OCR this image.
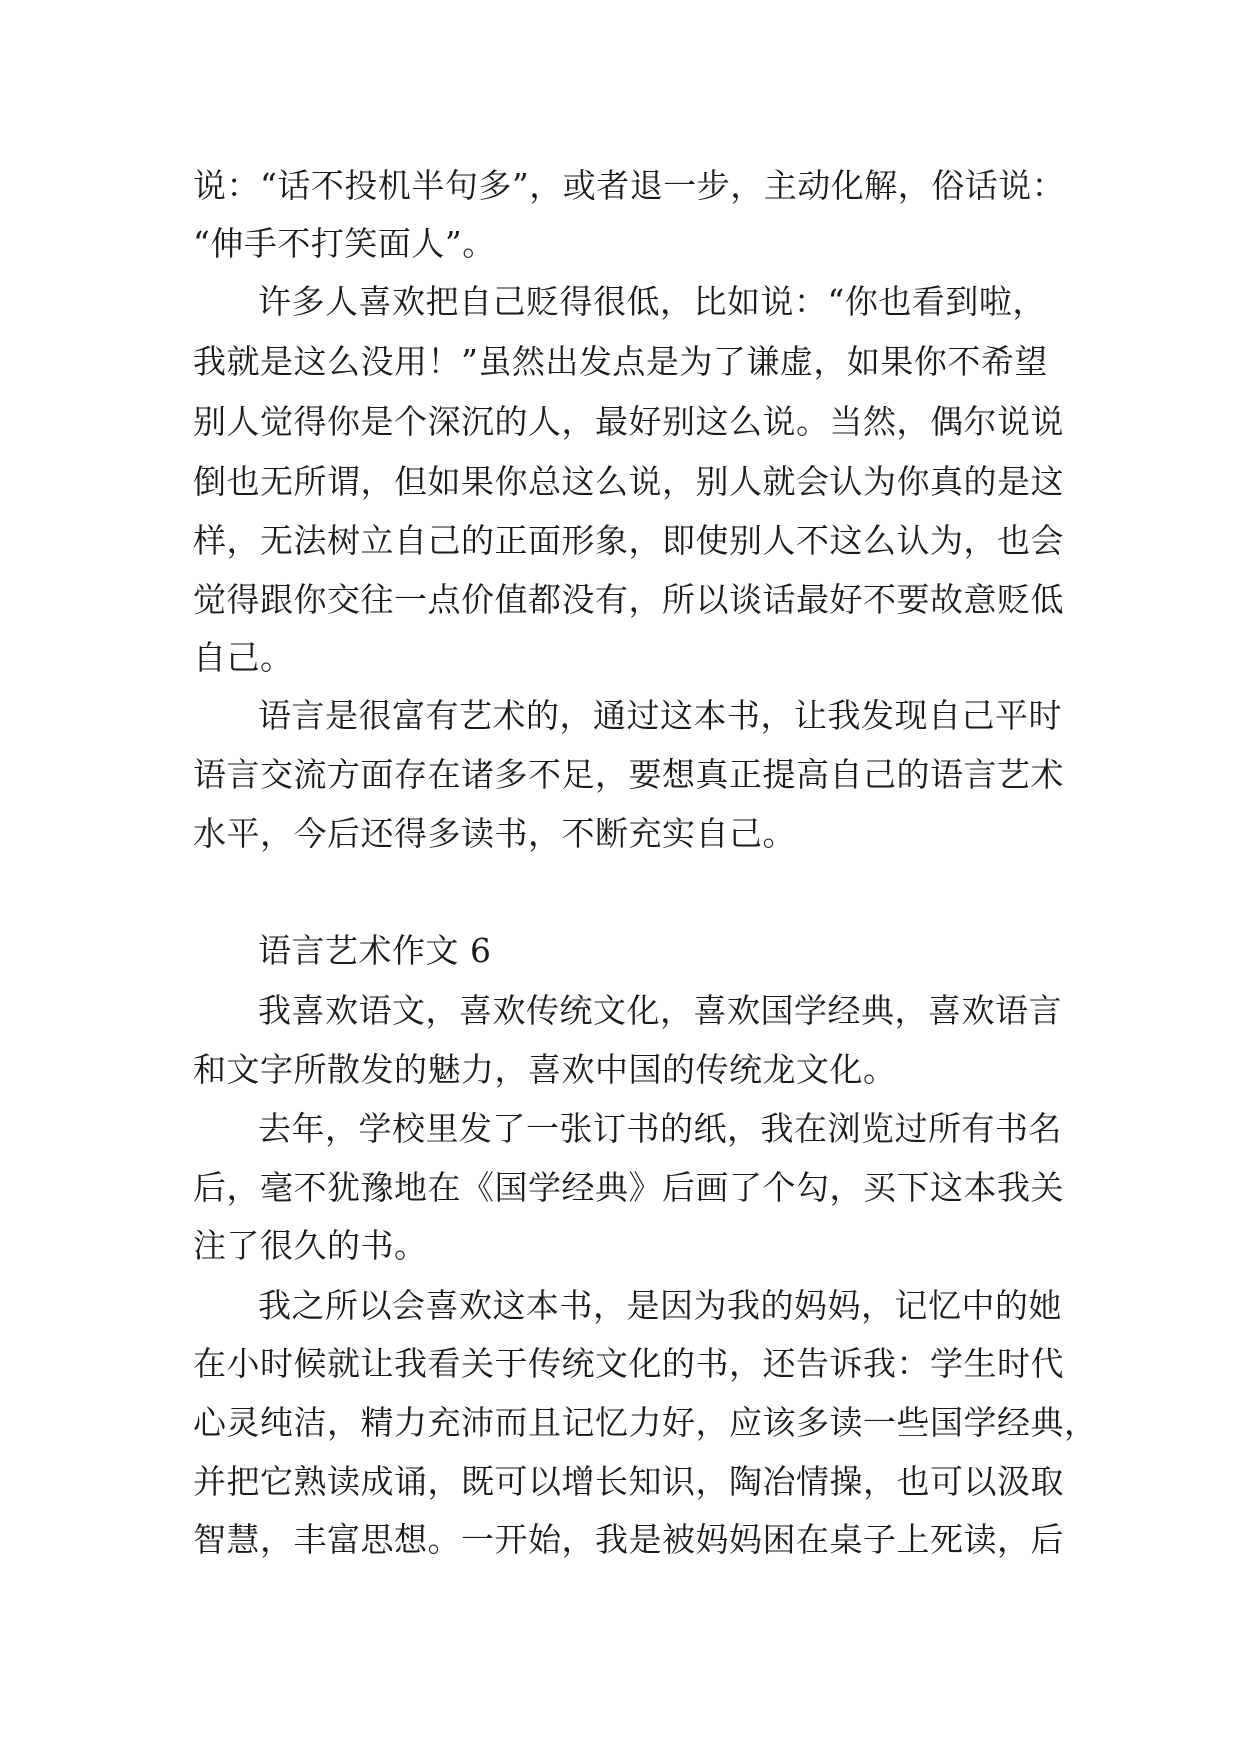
说：“话不投机半句多”，或者退一步，主动化解，俗话说：
“伸手不打笑面人”。
许多人喜欢把自己贬得很低，比如说：“你也看到啦，
我就是这么没用！”虽然出发点是为了谦虚，如果你不希望
别人觉得你是个深沉的人，最好别这么说。当然，偶尔说说
倒也无所谓，但如果你总这么说，别人就会认为你真的是这
样，无法树立自己的正面形象，即使别人不这么认为，也会
觉得跟你交往一点价值都没有，所以谈话最好不要故意贬低
自己。
语言是很富有艺术的，通过这本书，让我发现自己平时
语言交流方面存在诸多不足，要想真正提高自己的语言艺术
水平，今后还得多读书，不断充实自己。
语言艺术作文 6
我喜欢语文，喜欢传统文化，喜欢国学经典，喜欢语言
和文字所散发的魅力，喜欢中国的传统龙文化。
去年，学校里发了一张订书的纸，我在浏览过所有书名
后，毫不犹豫地在《国学经典》后画了个勾，买下这本我关
注了很久的书。
我之所以会喜欢这本书，是因为我的妈妈，记忆中的她
在小时候就让我看关于传统文化的书，还告诉我：学生时代
心灵纯洁，精力充沛而且记忆力好，应该多读一些国学经典，
并把它熟读成诵，既可以增长知识，陶冶情操，也可以汲取
智慧，丰富思想。一开始，我是被妈妈困在桌子上死读，后
